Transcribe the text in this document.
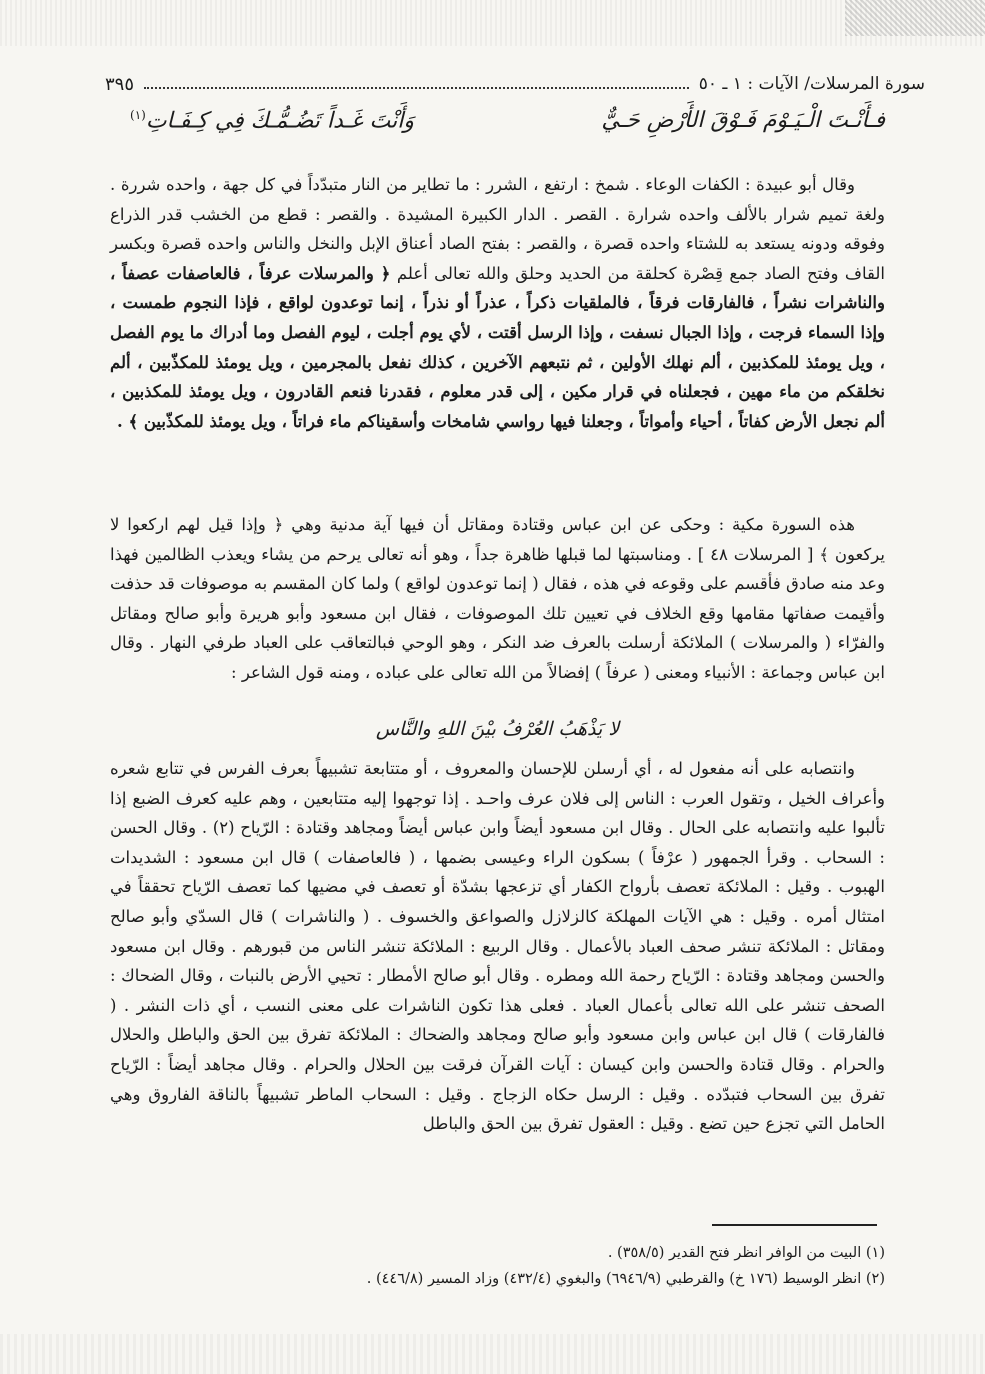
سورة المرسلات/ الآيات : ١ ـ ٥٠
٣٩٥
فـأَنْـتَ الْـيَـوْمَ فَـوْقَ الأَرْضِ حَـيٌّ
وَأَنْتَ غَـداً تَضُـمُّـكَ فِي كِـفَـاتِ$^{(١)}$

وقال أبو عبيدة : الكفات الوعاء . شمخ : ارتفع ، الشرر : ما تطاير من النار متبدّداً في كل جهة ، واحده شررة . ولغة تميم شرار بالألف واحده شرارة . القصر . الدار الكبيرة المشيدة . والقصر : قطع من الخشب قدر الذراع وفوقه ودونه يستعد به للشتاء واحده قصرة ، والقصر : بفتح الصاد أعناق الإبل والنخل والناس واحده قصرة وبكسر القاف وفتح الصاد جمع قِصْرة كحلقة من الحديد وحلق والله تعالى أعلم ﴿ والمرسلات عرفاً ، فالعاصفات عصفاً ، والناشرات نشراً ، فالفارقات فرقاً ، فالملقيات ذكراً ، عذراً أو نذراً ، إنما توعدون لواقع ، فإذا النجوم طمست ، وإذا السماء فرجت ، وإذا الجبال نسفت ، وإذا الرسل أقتت ، لأي يوم أجلت ، ليوم الفصل وما أدراك ما يوم الفصل ، ويل يومئذ للمكذبين ، ألم نهلك الأولين ، ثم نتبعهم الآخرين ، كذلك نفعل بالمجرمين ، ويل يومئذ للمكذّبين ، ألم نخلقكم من ماء مهين ، فجعلناه في قرار مكين ، إلى قدر معلوم ، فقدرنا فنعم القادرون ، ويل يومئذ للمكذبين ، ألم نجعل الأرض كفاتاً ، أحياء وأمواتاً ، وجعلنا فيها رواسي شامخات وأسقيناكم ماء فراتاً ، ويل يومئذ للمكذّبين ﴾ .

هذه السورة مكية : وحكى عن ابن عباس وقتادة ومقاتل أن فيها آية مدنية وهي ﴿ وإذا قيل لهم اركعوا لا يركعون ﴾ [ المرسلات ٤٨ ] . ومناسبتها لما قبلها ظاهرة جداً ، وهو أنه تعالى يرحم من يشاء ويعذب الظالمين فهذا وعد منه صادق فأقسم على وقوعه في هذه ، فقال ( إنما توعدون لواقع ) ولما كان المقسم به موصوفات قد حذفت وأقيمت صفاتها مقامها وقع الخلاف في تعيين تلك الموصوفات ، فقال ابن مسعود وأبو هريرة وأبو صالح ومقاتل والفرّاء ( والمرسلات ) الملائكة أرسلت بالعرف ضد النكر ، وهو الوحي فبالتعاقب على العباد طرفي النهار . وقال ابن عباس وجماعة : الأنبياء ومعنى ( عرفاً ) إفضالاً من الله تعالى على عباده ، ومنه قول الشاعر :

لا يَذْهَبُ العُرْفُ بيْنَ اللهِ والنَّاس

وانتصابه على أنه مفعول له ، أي أرسلن للإحسان والمعروف ، أو متتابعة تشبيهاً بعرف الفرس في تتابع شعره وأعراف الخيل ، وتقول العرب : الناس إلى فلان عرف واحـد . إذا توجهوا إليه متتابعين ، وهم عليه كعرف الضبع إذا تألبوا عليه وانتصابه على الحال . وقال ابن مسعود أيضاً وابن عباس أيضاً ومجاهد وقتادة : الرّياح (٢) . وقال الحسن : السحاب . وقرأ الجمهور ( عرْفاً ) بسكون الراء وعيسى بضمها ، ( فالعاصفات ) قال ابن مسعود : الشديدات الهبوب . وقيل : الملائكة تعصف بأرواح الكفار أي تزعجها بشدّة أو تعصف في مضيها كما تعصف الرّياح تحققاً في امتثال أمره . وقيل : هي الآيات المهلكة كالزلازل والصواعق والخسوف . ( والناشرات ) قال السدّي وأبو صالح ومقاتل : الملائكة تنشر صحف العباد بالأعمال . وقال الربيع : الملائكة تنشر الناس من قبورهم . وقال ابن مسعود والحسن ومجاهد وقتادة : الرّياح رحمة الله ومطره . وقال أبو صالح الأمطار : تحيي الأرض بالنبات ، وقال الضحاك : الصحف تنشر على الله تعالى بأعمال العباد . فعلى هذا تكون الناشرات على معنى النسب ، أي ذات النشر . ( فالفارقات ) قال ابن عباس وابن مسعود وأبو صالح ومجاهد والضحاك : الملائكة تفرق بين الحق والباطل والحلال والحرام . وقال قتادة والحسن وابن كيسان : آيات القرآن فرقت بين الحلال والحرام . وقال مجاهد أيضاً : الرّياح تفرق بين السحاب فتبدّده . وقيل : الرسل حكاه الزجاج . وقيل : السحاب الماطر تشبيهاً بالناقة الفاروق وهي الحامل التي تجزع حين تضع . وقيل : العقول تفرق بين الحق والباطل

(١) البيت من الوافر انظر فتح القدير (٣٥٨/٥) .
(٢) انظر الوسيط (١٧٦ خ) والقرطبي (٦٩٤٦/٩) والبغوي (٤٣٢/٤) وزاد المسير (٤٤٦/٨) .
